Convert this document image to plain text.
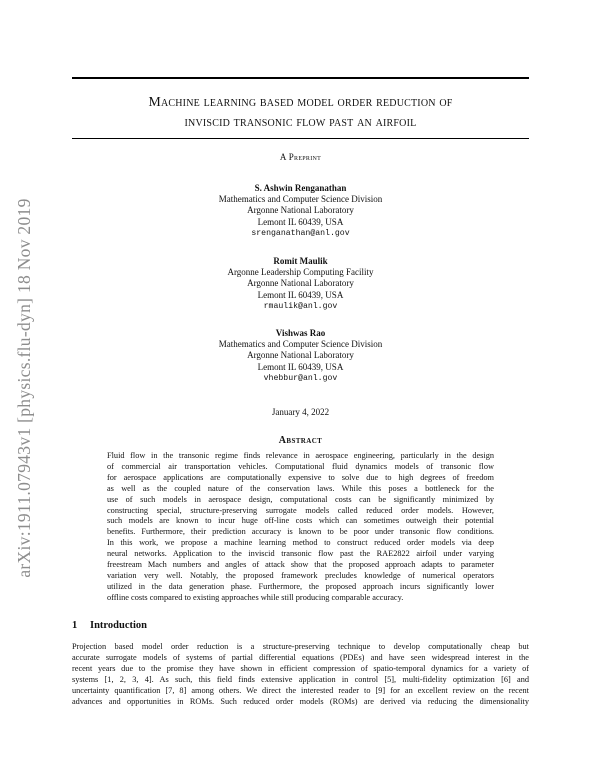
arXiv:1911.07943v1 [physics.flu-dyn] 18 Nov 2019
Machine learning based model order reduction of
inviscid transonic flow past an airfoil
A Preprint
S. Ashwin Renganathan
Mathematics and Computer Science Division
Argonne National Laboratory
Lemont IL 60439, USA
srenganathan@anl.gov
Romit Maulik
Argonne Leadership Computing Facility
Argonne National Laboratory
Lemont IL 60439, USA
rmaulik@anl.gov
Vishwas Rao
Mathematics and Computer Science Division
Argonne National Laboratory
Lemont IL 60439, USA
vhebbur@anl.gov
January 4, 2022
Abstract
Fluid flow in the transonic regime finds relevance in aerospace engineering, particularly in the design
of commercial air transportation vehicles. Computational fluid dynamics models of transonic flow
for aerospace applications are computationally expensive to solve due to high degrees of freedom
as well as the coupled nature of the conservation laws. While this poses a bottleneck for the
use of such models in aerospace design, computational costs can be significantly minimized by
constructing special, structure-preserving surrogate models called reduced order models. However,
such models are known to incur huge off-line costs which can sometimes outweigh their potential
benefits. Furthermore, their prediction accuracy is known to be poor under transonic flow conditions.
In this work, we propose a machine learning method to construct reduced order models via deep
neural networks. Application to the inviscid transonic flow past the RAE2822 airfoil under varying
freestream Mach numbers and angles of attack show that the proposed approach adapts to parameter
variation very well. Notably, the proposed framework precludes knowledge of numerical operators
utilized in the data generation phase. Furthermore, the proposed approach incurs significantly lower
offline costs compared to existing approaches while still producing comparable accuracy.
1 Introduction
Projection based model order reduction is a structure-preserving technique to develop computationally cheap but
accurate surrogate models of systems of partial differential equations (PDEs) and have seen widespread interest in the
recent years due to the promise they have shown in efficient compression of spatio-temporal dynamics for a variety of
systems [1, 2, 3, 4]. As such, this field finds extensive application in control [5], multi-fidelity optimization [6] and
uncertainty quantification [7, 8] among others. We direct the interested reader to [9] for an excellent review on the recent
advances and opportunities in ROMs. Such reduced order models (ROMs) are derived via reducing the dimensionality
